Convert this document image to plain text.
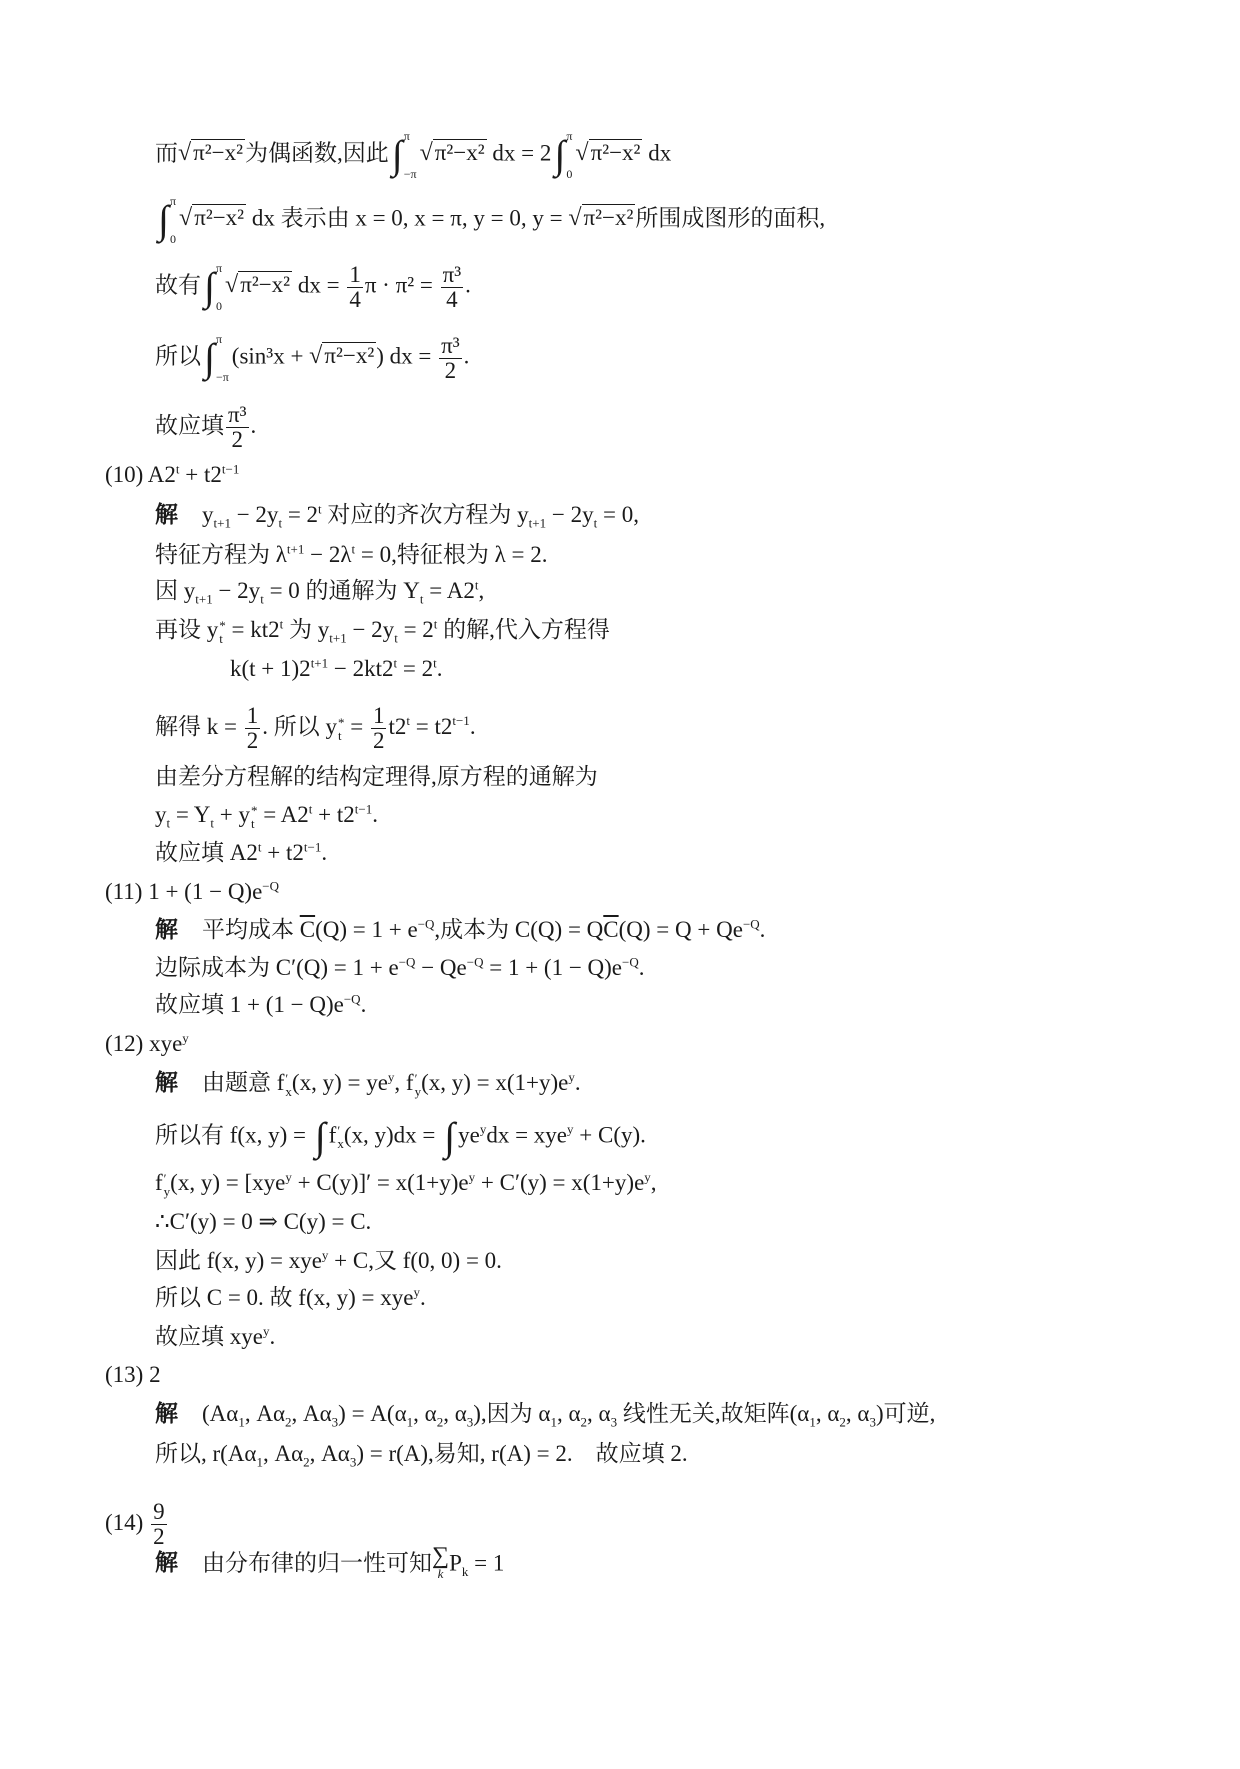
而√π²−x²为偶函数,因此 ∫ π
−π
√π²−x² dx = 2 ∫ π
0
√π²−x² dx
∫ π
0
√π²−x² dx 表示由 x = 0, x = π, y = 0, y = √π²−x²所围成图形的面积,
故有 ∫ π
0
√π²−x² dx = $\frac{1}{4}$ $\pi \cdot \pi^2 = \frac{\text{π³}}{4}$ .
所以 ∫ π
−π
(sin³x + √π²−x²) dx = $\frac{\text{π³}}{2}$ .
故应填 $\frac{\text{π³}}{2}$ .
(10) $A2^t + t2^{t-1}$
解 $y_{t+1} - 2y_t = 2^t$ 对应的齐次方程为 $y_{t+1} - 2y_t = 0$,
特征方程为 $\lambda^{t+1} - 2\lambda^t = 0$,特征根为 λ = 2.
因 $y_{t+1} - 2y_t = 0$ 的通解为 $Y_t = A2^t$,
再设 y *
$t = kt2^t$ 为 $y_{t+1} - 2y_t = 2^t$ 的解,代入方程得
$k(t + 1)2^{t+1} - 2kt2^t = 2^t$.
解得 $k = \frac{1}{2}$ . 所以 y *
$t = \frac{1}{2} t2^t = t2^{t-1}$.
由差分方程解的结构定理得,原方程的通解为
$y_t = Y_t + y$ *
$t = A2^t + t2^{t-1}$.
故应填 $A2^t + t2^{t-1}$.
(11) $1 + (1 - Q)e^{-Q}$
解 平均成本 $\overline{C}(Q) = 1 + e^{-Q}$,成本为 $C(Q) = Q\overline{C}(Q) = Q + Qe^{-Q}$.
边际成本为 $C'(Q) = 1 + e^{-Q} - Qe^{-Q} = 1 + (1 - Q)e^{-Q}$.
故应填 $1 + (1 - Q)e^{-Q}$.
(12) xye$^y$
解 由题意 f ′
x (x, $y) = ye^y$, f ′
y (x, $y) = x(1+y)e^y$.
所以有 f(x, y) = ∫ f ′
x (x, y)dx = ∫ $ye^ydx = xye^y + C(y)$.
f ′
y (x, $y) = [xye^y + C(y)]' = x(1+y)e^y + C'(y) = x(1+y)e^y$,
∴C′(y) = 0 ⇒ C(y) = C.
因此 f(x, y) = xye$^y$ + C,又 f(0, 0) = 0.
所以 C = 0. 故 f(x, y) = xye$^y$.
故应填 xye$^y$.
(13) 2
解 ($A\alpha_1$, $A\alpha_2$, $A\alpha_3) = A(\alpha_1$, $\alpha_2$, $\alpha_3$),因为 $\alpha_1$, $\alpha_2$, $\alpha_3$ 线性无关,故矩阵($\alpha_1$, $\alpha_2$, $\alpha_3$)可逆,
所以, $r(A\alpha_1$, $A\alpha_2$, $A\alpha_3) = r(A)$,易知, r(A) = 2.　故应填 2.
$(14) \frac{9}{2}$
解 由分布律的归一性可知 ∑
k $P_k = 1$
